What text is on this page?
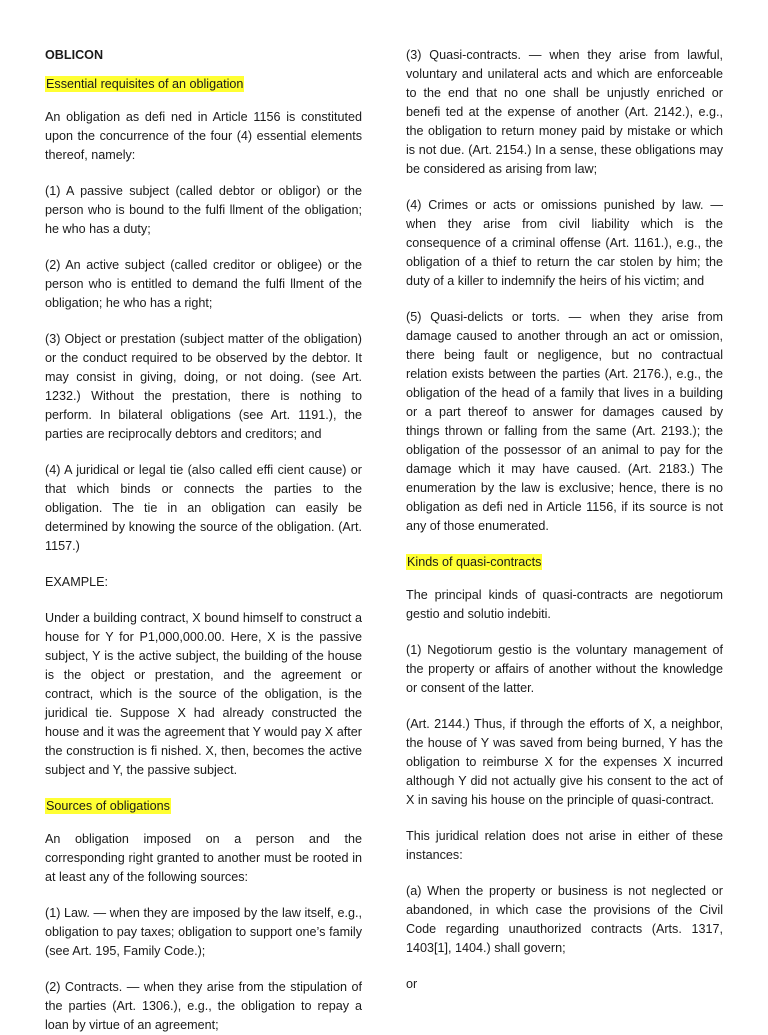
OBLICON

Essential requisites of an obligation

An obligation as defi ned in Article 1156 is constituted upon the concurrence of the four (4) essential elements thereof, namely:

(1) A passive subject (called debtor or obligor) or the person who is bound to the fulfi llment of the obligation; he who has a duty;

(2) An active subject (called creditor or obligee) or the person who is entitled to demand the fulfi llment of the obligation; he who has a right;

(3) Object or prestation (subject matter of the obligation) or the conduct required to be observed by the debtor. It may consist in giving, doing, or not doing. (see Art. 1232.) Without the prestation, there is nothing to perform. In bilateral obligations (see Art. 1191.), the parties are reciprocally debtors and creditors; and

(4) A juridical or legal tie (also called effi cient cause) or that which binds or connects the parties to the obligation. The tie in an obligation can easily be determined by knowing the source of the obligation. (Art. 1157.)

EXAMPLE:

Under a building contract, X bound himself to construct a house for Y for P1,000,000.00. Here, X is the passive subject, Y is the active subject, the building of the house is the object or prestation, and the agreement or contract, which is the source of the obligation, is the juridical tie. Suppose X had already constructed the house and it was the agreement that Y would pay X after the construction is fi nished. X, then, becomes the active subject and Y, the passive subject.

Sources of obligations

An obligation imposed on a person and the corresponding right granted to another must be rooted in at least any of the following sources:

(1) Law. — when they are imposed by the law itself, e.g., obligation to pay taxes; obligation to support one’s family (see Art. 195, Family Code.);

(2) Contracts. — when they arise from the stipulation of the parties (Art. 1306.), e.g., the obligation to repay a loan by virtue of an agreement;

(3) Quasi-contracts. — when they arise from lawful, voluntary and unilateral acts and which are enforceable to the end that no one shall be unjustly enriched or benefi ted at the expense of another (Art. 2142.), e.g., the obligation to return money paid by mistake or which is not due. (Art. 2154.) In a sense, these obligations may be considered as arising from law;

(4) Crimes or acts or omissions punished by law. — when they arise from civil liability which is the consequence of a criminal offense (Art. 1161.), e.g., the obligation of a thief to return the car stolen by him; the duty of a killer to indemnify the heirs of his victim; and

(5) Quasi-delicts or torts. — when they arise from damage caused to another through an act or omission, there being fault or negligence, but no contractual relation exists between the parties (Art. 2176.), e.g., the obligation of the head of a family that lives in a building or a part thereof to answer for damages caused by things thrown or falling from the same (Art. 2193.); the obligation of the possessor of an animal to pay for the damage which it may have caused. (Art. 2183.) The enumeration by the law is exclusive; hence, there is no obligation as defi ned in Article 1156, if its source is not any of those enumerated.

Kinds of quasi-contracts

The principal kinds of quasi-contracts are negotiorum gestio and solutio indebiti.

(1) Negotiorum gestio is the voluntary management of the property or affairs of another without the knowledge or consent of the latter.

(Art. 2144.) Thus, if through the efforts of X, a neighbor, the house of Y was saved from being burned, Y has the obligation to reimburse X for the expenses X incurred although Y did not actually give his consent to the act of X in saving his house on the principle of quasi-contract.

This juridical relation does not arise in either of these instances:

(a) When the property or business is not neglected or abandoned, in which case the provisions of the Civil Code regarding unauthorized contracts (Arts. 1317, 1403[1], 1404.) shall govern;

or
